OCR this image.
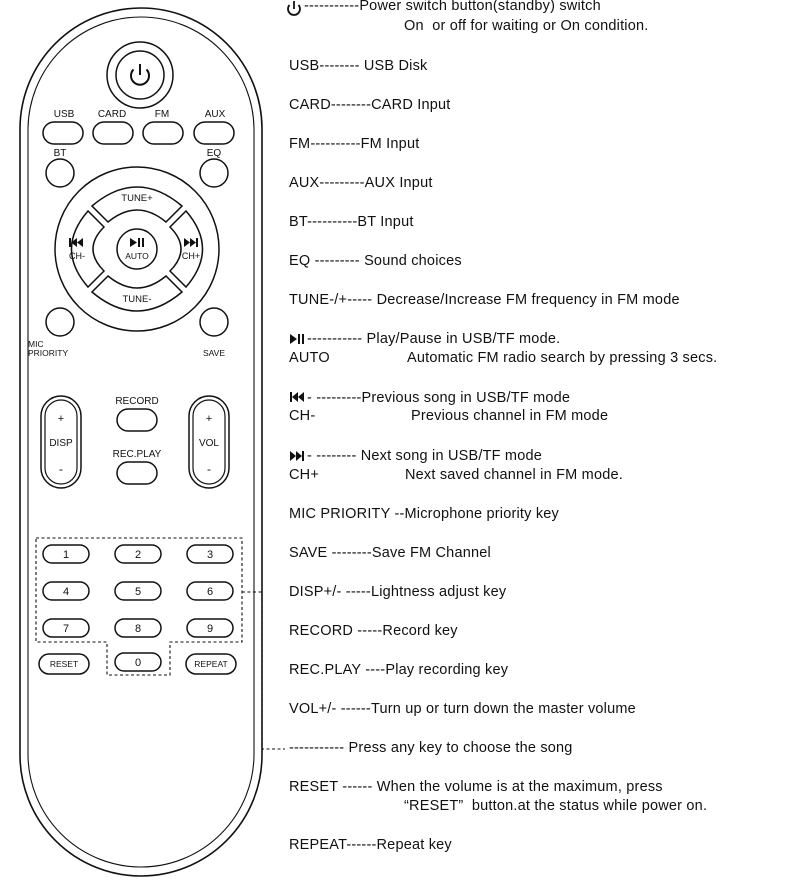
USB CARD	FM	AUX
BT	EQ
TUNE+
TUNE-
CH-	CH+
AUTO
MIC
PRIORITY	SAVE
+
DISP
-
RECORD
REC.PLAY
+
VOL
-
1	2	3
4	5	6
7	8	9
RESET	0	REPEAT
-----------Power switch button(standby) switch
On  or off for waiting or On condition.
USB-------- USB Disk
CARD--------CARD Input
FM----------FM Input
AUX---------AUX Input
BT----------BT Input
EQ --------- Sound choices
TUNE-/+----- Decrease/Increase FM frequency in FM mode
----------- Play/Pause in USB/TF mode.
AUTO	Automatic FM radio search by pressing 3 secs.
- ---------Previous song in USB/TF mode
CH-	Previous channel in FM mode
- -------- Next song in USB/TF mode
CH+	Next saved channel in FM mode.
MIC PRIORITY --Microphone priority key
SAVE --------Save FM Channel
DISP+/- -----Lightness adjust key
RECORD -----Record key
REC.PLAY ----Play recording key
VOL+/- ------Turn up or turn down the master volume
----------- Press any key to choose the song
RESET ------ When the volume is at the maximum, press
“RESET”  button.at the status while power on.
REPEAT------Repeat key
